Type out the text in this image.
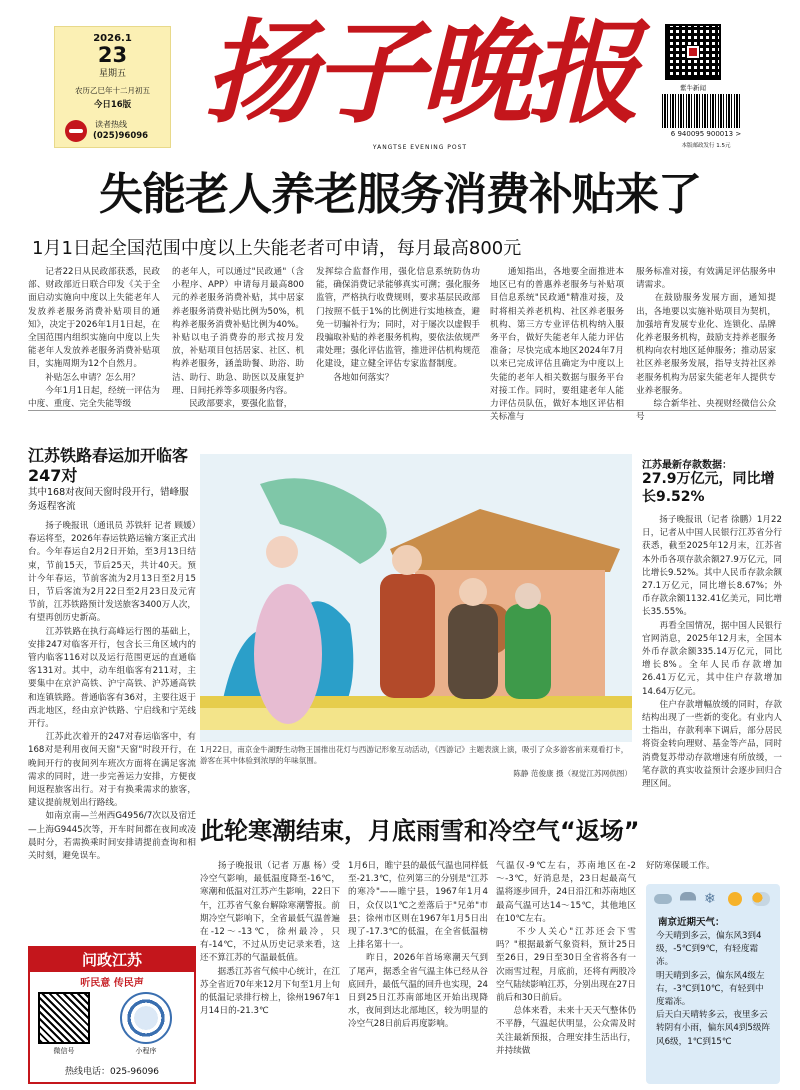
2026.1
23
星期五
农历乙巳年十二月初五
今日16版
读者热线
(025)96096 扬子晚报
YANGTSE EVENING POST
紫牛新闻
6 940095 900013 >
本版邮政发行 1.5元
失能老人养老服务消费补贴来了
1月1日起全国范围中度以上失能老者可申请，每月最高800元
　　记者22日从民政部获悉，民政部、财政部近日联合印发《关于全面启动实施向中度以上失能老年人发放养老服务消费补贴项目的通知》，决定于2026年1月1日起，在全国范围内组织实施向中度以上失能老年人发放养老服务消费补贴项目，实施周期为12个自然月。
　　补贴怎么申请？怎么用？
　　今年1月1日起，经统一评估为中度、重度、完全失能等级
的老年人，可以通过"民政通"（含小程序、APP）申请每月最高800元的养老服务消费补贴，其中居家养老服务消费补贴比例为50%，机构养老服务消费补贴比例为40%。补贴以电子消费券的形式按月发放，补贴项目包括居家、社区、机构养老服务，涵盖助餐、助浴、助洁、助行、助急、助医以及康复护理、日间托养等多项服务内容。
　　民政部要求，要强化监督，
发挥综合监督作用，强化信息系统防伪功能，确保消费记录能够真实可溯；强化服务监管，严格执行收费规则，要求基层民政部门按照不低于1%的比例进行实地核查，避免一切骗补行为；同时，对于屡次以虚假手段骗取补贴的养老服务机构，要依法依规严肃处理；强化评估监管，推进评估机构规范化建设，建立健全评估专家监督制度。
　　各地如何落实？
　　通知指出，各地要全面推进本地区已有的普惠养老服务与补贴项目信息系统"民政通"精准对接，及时将相关养老机构、社区养老服务机构、第三方专业评估机构纳入服务平台，做好失能老年人能力评估准备；尽快完成本地区2024年7月以来已完成评估且确定为中度以上失能的老年人相关数据与服务平台对接工作。同时，要组建老年人能力评估员队伍，做好本地区评估相关标准与
服务标准对接，有效满足评估服务申请需求。
　　在鼓励服务发展方面，通知提出，各地要以实施补贴项目为契机，加强培育发展专业化、连锁化、品牌化养老服务机构，鼓励支持养老服务机构向农村地区延伸服务；推动居家社区养老服务发展，指导支持社区养老服务机构为居家失能老年人提供专业养老服务。
　　综合新华社、央视财经微信公众号
江苏铁路春运加开临客247对
其中168对夜间天窗时段开行，错峰服务返程客流
　　扬子晚报讯（通讯员 苏铁轩 记者 顾媛）春运将至，2026年春运铁路运输方案正式出台。今年春运自2月2日开始，至3月13日结束，节前15天，节后25天，共计40天。预计今年春运，节前客流为2月13日至2月15日，节后客流为2月22日至2月23日及元宵节前，江苏铁路预计发送旅客3400万人次，有望再创历史新高。
　　江苏铁路在执行高峰运行图的基础上，安排247对临客开行，包含长三角区域内的管内临客116对以及运行范围更远的直通临客131对。其中，动车组临客有211对，主要集中在京沪高铁、沪宁高铁、沪苏通高铁和连镇铁路。普通临客有36对，主要往返于西北地区，经由京沪铁路、宁启线和宁芜线开行。
　　江苏此次着开的247对春运临客中，有168对是利用夜间天窗"天窗"时段开行，在晚间开行的夜间列车班次方面将在满足客流需求的同时，进一步完善运力安排，方便夜间返程旅客出行。对于有换乘需求的旅客，建议提前规划出行路线。
　　如南京南—兰州西G4956/7次以及宿迁—上海G9445次等，开车时间都在夜间或凌晨时分，若需换乘时间安排请提前查询和相关时刻，避免误车。
1月22日，南京金牛湖野生动物王国推出花灯与西游记形象互动活动，《西游记》主题表演上演，吸引了众多游客前来观看打卡，游客在其中体验到浓厚的年味氛围。
陈静 范俊康 摄（视觉江苏网供图）
江苏最新存款数据：
27.9万亿元，同比增长9.52%
　　扬子晚报讯（记者 徐鹏）1月22日，记者从中国人民银行江苏省分行获悉，截至2025年12月末，江苏省本外币各项存款余额27.9万亿元，同比增长9.52%。其中人民币存款余额27.1万亿元，同比增长8.67%；外币存款余额1132.41亿美元，同比增长35.55%。
　　再看全国情况，据中国人民银行官网消息，2025年12月末，全国本外币存款余额335.14万亿元，同比增长8%。全年人民币存款增加26.41万亿元，其中住户存款增加14.64万亿元。
　　住户存款增幅放缓的同时，存款结构出现了一些新的变化。有业内人士指出，存款利率下调后，部分居民将资金转向理财、基金等产品，同时消费复苏带动存款增速有所放缓，一笔存款的真实收益预计会逐步回归合理区间。
此轮寒潮结束，月底雨雪和冷空气“返场”
　　扬子晚报讯（记者 万惠 杨）受冷空气影响，最低温度降至-16℃，寒潮和低温对江苏产生影响，22日下午，江苏省气象台解除寒潮警报。前期冷空气影响下，全省最低气温普遍在-12～-13℃，徐州最冷，只有-14℃，不过从历史记录来看，这还不算江苏的气温最低值。
　　据悉江苏省气候中心统计，在江苏全省近70年来12月下旬至1月上旬的低温记录排行榜上，徐州1967年1月14日的-21.3℃
1月6日，睢宁县的最低气温也同样低至-21.3℃，位列第三的分别是"江苏的寒冷"——睢宁县，1967年1月4日，众仅以1℃之差落后于"兄弟"市县；徐州市区则在1967年1月5日出现了-17.3℃的低温，在全省低温榜上排名第十一。
　　昨日，2026年首场寒潮天气到了尾声，据悉全省气温主体已经从谷底回升，最低气温的回升也实现，24日到25日江苏南部地区开始出现降水，夜间到达北部地区，较为明显的冷空气28日前后再度影响。
气温仅-9℃左右，苏南地区在-2～-3℃，好消息是，23日起最高气温将逐步回升，24日沿江和苏南地区最高气温可达14～15℃，其他地区在10℃左右。
　　不少人关心"江苏还会下雪吗？"根据最新气象资料，预计25日至26日，29日至30日全省将各有一次雨雪过程，月底前，还将有两股冷空气陆续影响江苏，分别出现在27日前后和30日前后。
　　总体来看，未来十天天气整体仍不平静，气温起伏明显，公众需及时关注最新预报，合理安排生活出行，并持续做
好防寒保暖工作。
❄
南京近期天气：
今天晴到多云，偏东风3到4级，-5℃到9℃，有轻度霜冻。
明天晴到多云，偏东风4级左右，-3℃到10℃，有轻到中度霜冻。
后天白天晴转多云，夜里多云转阴有小雨，偏东风4到5级阵风6级，1℃到15℃
问政江苏
听民意 传民声
微信号	小程序
热线电话：025-96096
